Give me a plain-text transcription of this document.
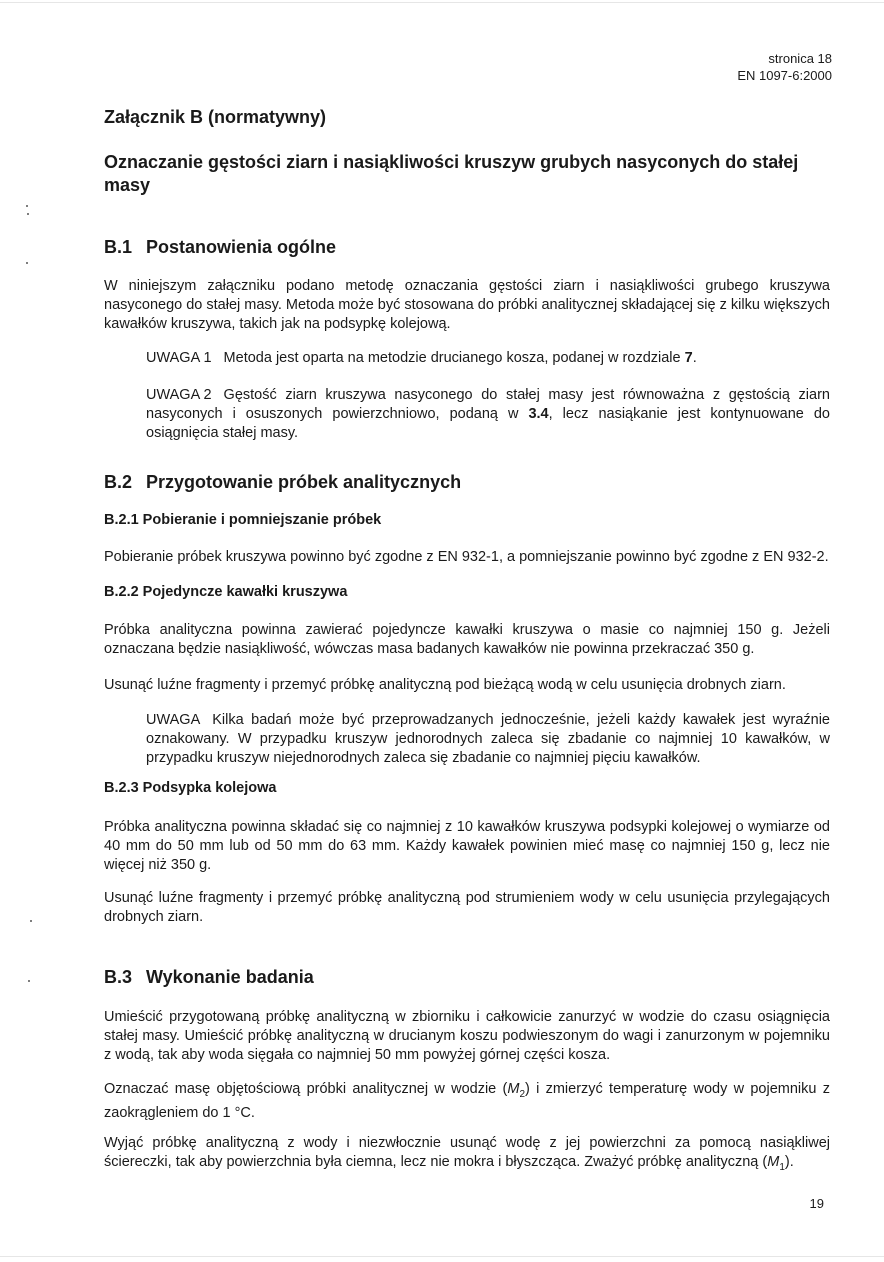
stronica 18
EN 1097-6:2000
Załącznik B (normatywny)
Oznaczanie gęstości ziarn i nasiąkliwości kruszyw grubych nasyconych do stałej masy
B.1 Postanowienia ogólne
W niniejszym załączniku podano metodę oznaczania gęstości ziarn i nasiąkliwości grubego kruszywa nasyconego do stałej masy. Metoda może być stosowana do próbki analitycznej składającej się z kilku większych kawałków kruszywa, takich jak na podsypkę kolejową.
UWAGA 1 Metoda jest oparta na metodzie drucianego kosza, podanej w rozdziale 7.
UWAGA 2 Gęstość ziarn kruszywa nasyconego do stałej masy jest równoważna z gęstością ziarn nasyconych i osuszonych powierzchniowo, podaną w 3.4, lecz nasiąkanie jest kontynuowane do osiągnięcia stałej masy.
B.2 Przygotowanie próbek analitycznych
B.2.1 Pobieranie i pomniejszanie próbek
Pobieranie próbek kruszywa powinno być zgodne z EN 932-1, a pomniejszanie powinno być zgodne z EN 932-2.
B.2.2 Pojedyncze kawałki kruszywa
Próbka analityczna powinna zawierać pojedyncze kawałki kruszywa o masie co najmniej 150 g. Jeżeli oznaczana będzie nasiąkliwość, wówczas masa badanych kawałków nie powinna przekraczać 350 g.
Usunąć luźne fragmenty i przemyć próbkę analityczną pod bieżącą wodą w celu usunięcia drobnych ziarn.
UWAGA Kilka badań może być przeprowadzanych jednocześnie, jeżeli każdy kawałek jest wyraźnie oznakowany. W przypadku kruszyw jednorodnych zaleca się zbadanie co najmniej 10 kawałków, w przypadku kruszyw niejednorodnych zaleca się zbadanie co najmniej pięciu kawałków.
B.2.3 Podsypka kolejowa
Próbka analityczna powinna składać się co najmniej z 10 kawałków kruszywa podsypki kolejowej o wymiarze od 40 mm do 50 mm lub od 50 mm do 63 mm. Każdy kawałek powinien mieć masę co najmniej 150 g, lecz nie więcej niż 350 g.
Usunąć luźne fragmenty i przemyć próbkę analityczną pod strumieniem wody w celu usunięcia przylegających drobnych ziarn.
B.3 Wykonanie badania
Umieścić przygotowaną próbkę analityczną w zbiorniku i całkowicie zanurzyć w wodzie do czasu osiągnięcia stałej masy. Umieścić próbkę analityczną w drucianym koszu podwieszonym do wagi i zanurzonym w pojemniku z wodą, tak aby woda sięgała co najmniej 50 mm powyżej górnej części kosza.
Oznaczać masę objętościową próbki analitycznej w wodzie $(M_2)$ i zmierzyć temperaturę wody w pojemniku z zaokrągleniem do 1 °C.
Wyjąć próbkę analityczną z wody i niezwłocznie usunąć wodę z jej powierzchni za pomocą nasiąkliwej ściereczki, tak aby powierzchnia była ciemna, lecz nie mokra i błyszcząca. Zważyć próbkę analityczną $(M_1)$.
19
